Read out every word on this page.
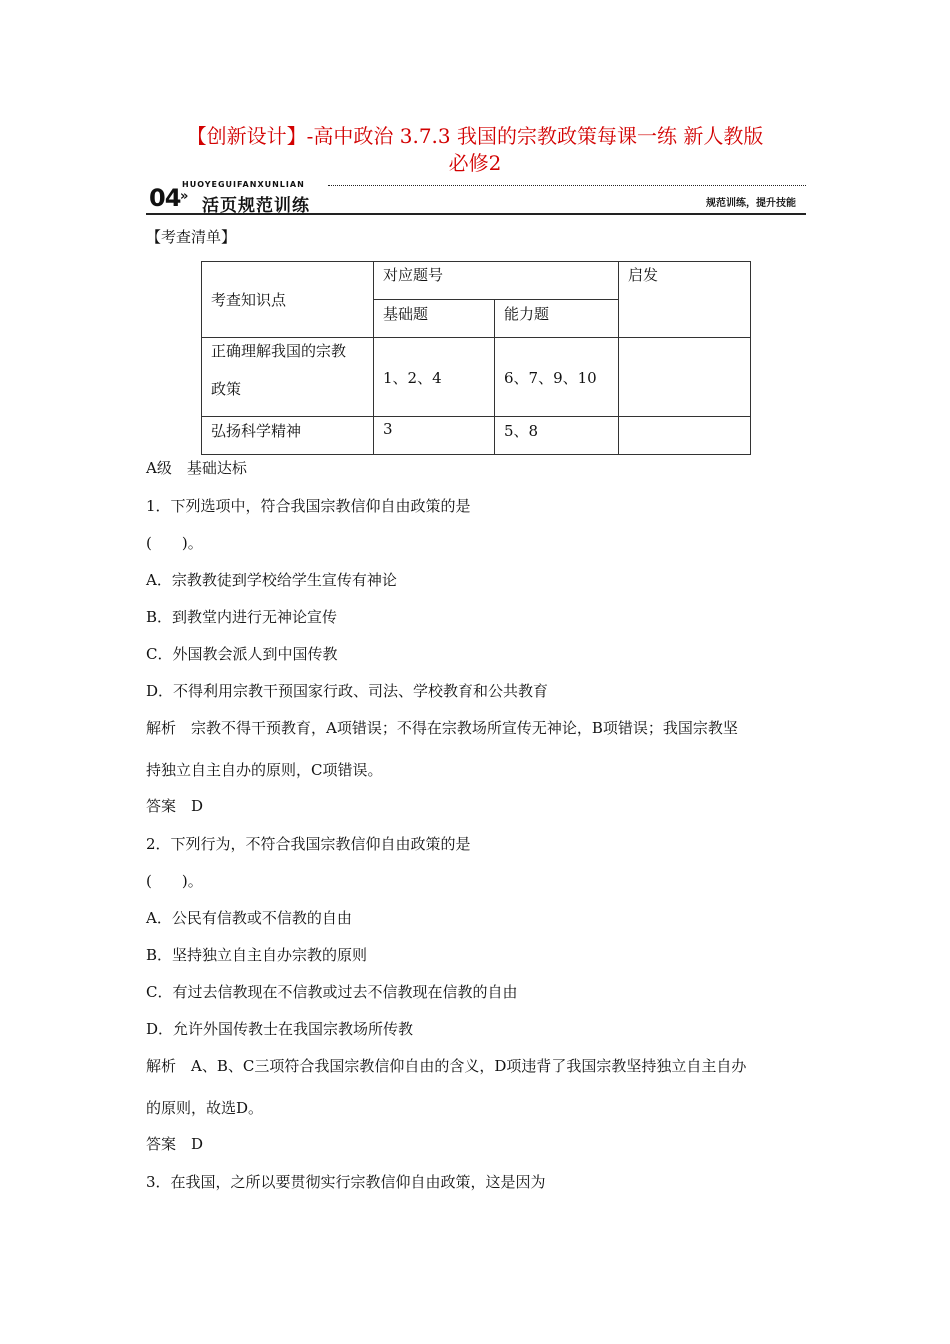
【创新设计】-高中政治 3.7.3 我国的宗教政策每课一练 新人教版
必修2
04 HUOYEGUIFANXUNLIAN
» 活页规范训练	规范训练，提升技能
【考查清单】
考查知识点	对应题号		启发
	基础题	能力题	

正确理解我国的宗教
政策	1、2、4	6、7、9、10	
弘扬科学精神	3	5、8	
A级　基础达标
1．下列选项中，符合我国宗教信仰自由政策的是
(　　)。
A．宗教教徒到学校给学生宣传有神论
B．到教堂内进行无神论宣传
C．外国教会派人到中国传教
D．不得利用宗教干预国家行政、司法、学校教育和公共教育
解析　宗教不得干预教育，A项错误；不得在宗教场所宣传无神论，B项错误；我国宗教坚
持独立自主自办的原则，C项错误。
答案　D
2．下列行为，不符合我国宗教信仰自由政策的是
(　　)。
A．公民有信教或不信教的自由
B．坚持独立自主自办宗教的原则
C．有过去信教现在不信教或过去不信教现在信教的自由
D．允许外国传教士在我国宗教场所传教
解析　A、B、C三项符合我国宗教信仰自由的含义，D项违背了我国宗教坚持独立自主自办
的原则，故选D。
答案　D
3．在我国，之所以要贯彻实行宗教信仰自由政策，这是因为
